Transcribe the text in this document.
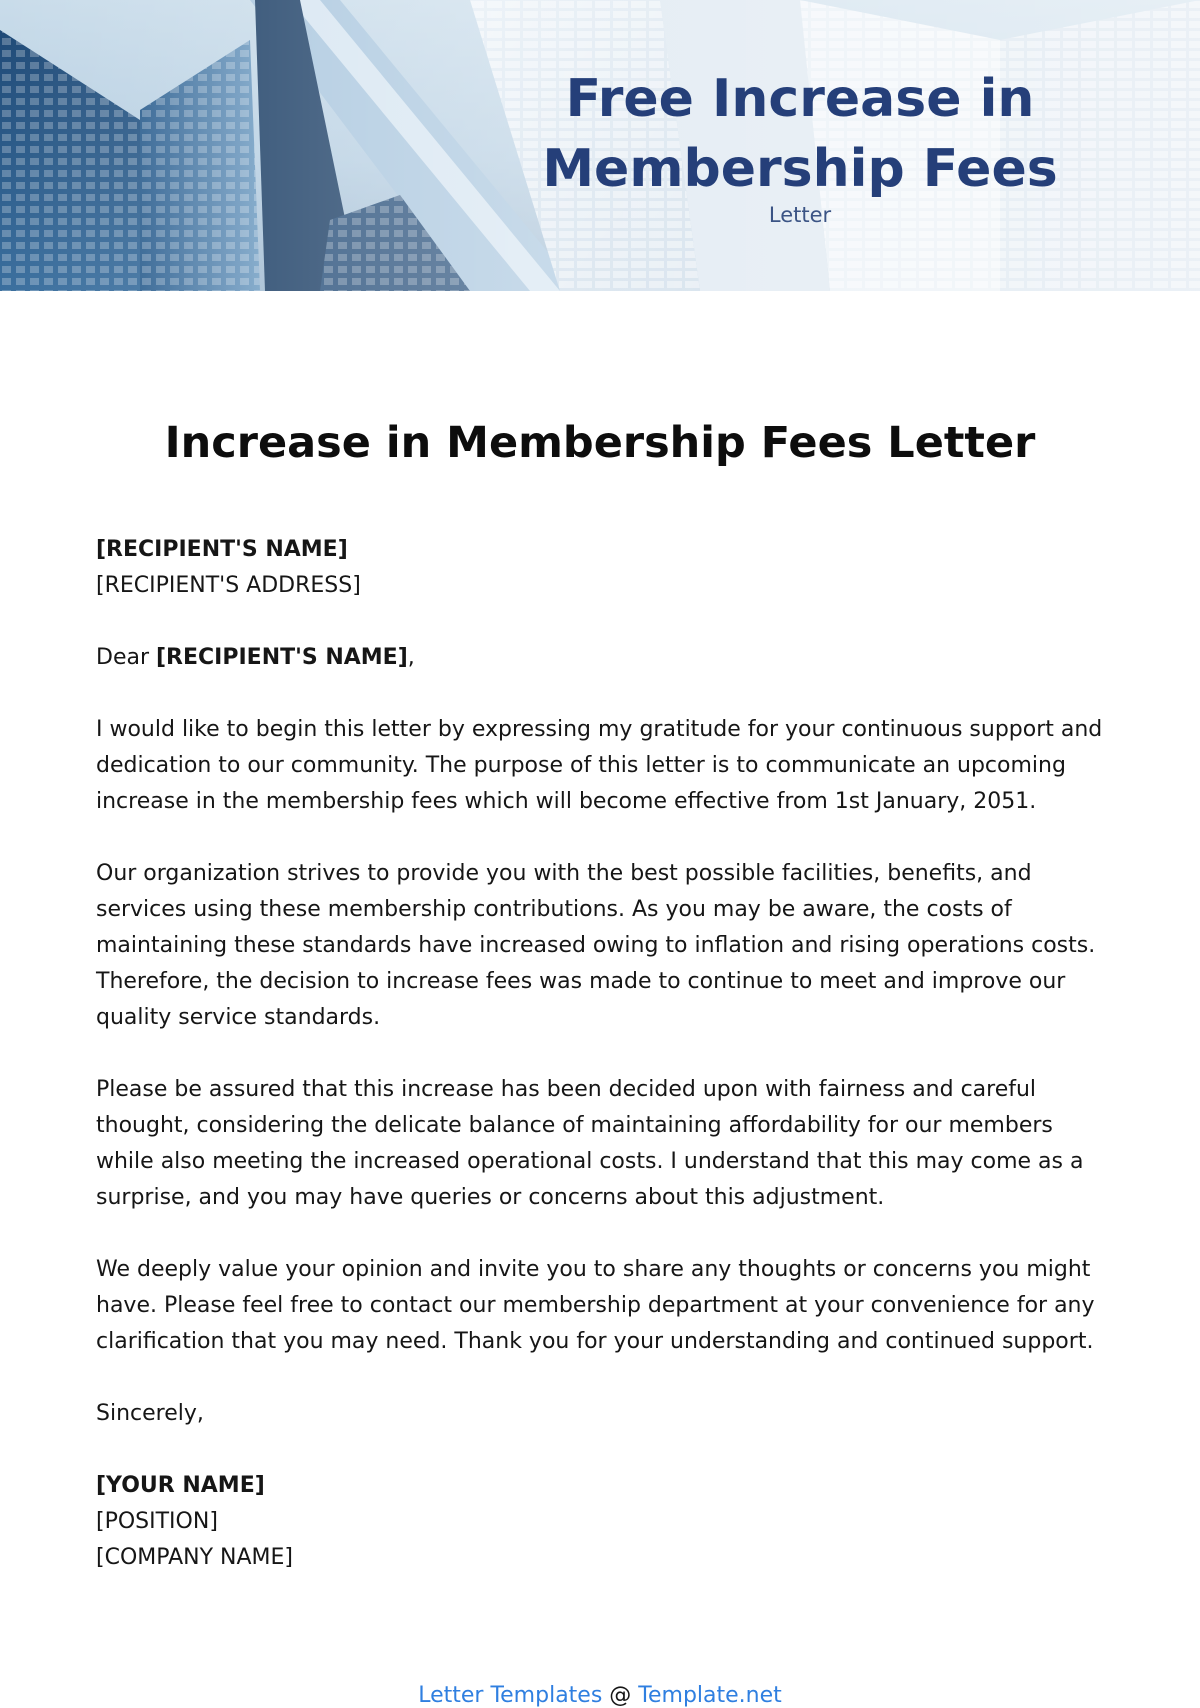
Free Increase in
Membership Fees
Letter
Increase in Membership Fees Letter

[RECIPIENT'S NAME]
[RECIPIENT'S ADDRESS]

Dear [RECIPIENT'S NAME],

I would like to begin this letter by expressing my gratitude for your continuous support and dedication to our community. The purpose of this letter is to communicate an upcoming increase in the membership fees which will become effective from 1st January, 2051.

Our organization strives to provide you with the best possible facilities, benefits, and services using these membership contributions. As you may be aware, the costs of maintaining these standards have increased owing to inflation and rising operations costs. Therefore, the decision to increase fees was made to continue to meet and improve our quality service standards.

Please be assured that this increase has been decided upon with fairness and careful thought, considering the delicate balance of maintaining affordability for our members while also meeting the increased operational costs. I understand that this may come as a surprise, and you may have queries or concerns about this adjustment.

We deeply value your opinion and invite you to share any thoughts or concerns you might have. Please feel free to contact our membership department at your convenience for any clarification that you may need. Thank you for your understanding and continued support.

Sincerely,

[YOUR NAME]
[POSITION]
[COMPANY NAME]

Letter Templates @ Template.net
